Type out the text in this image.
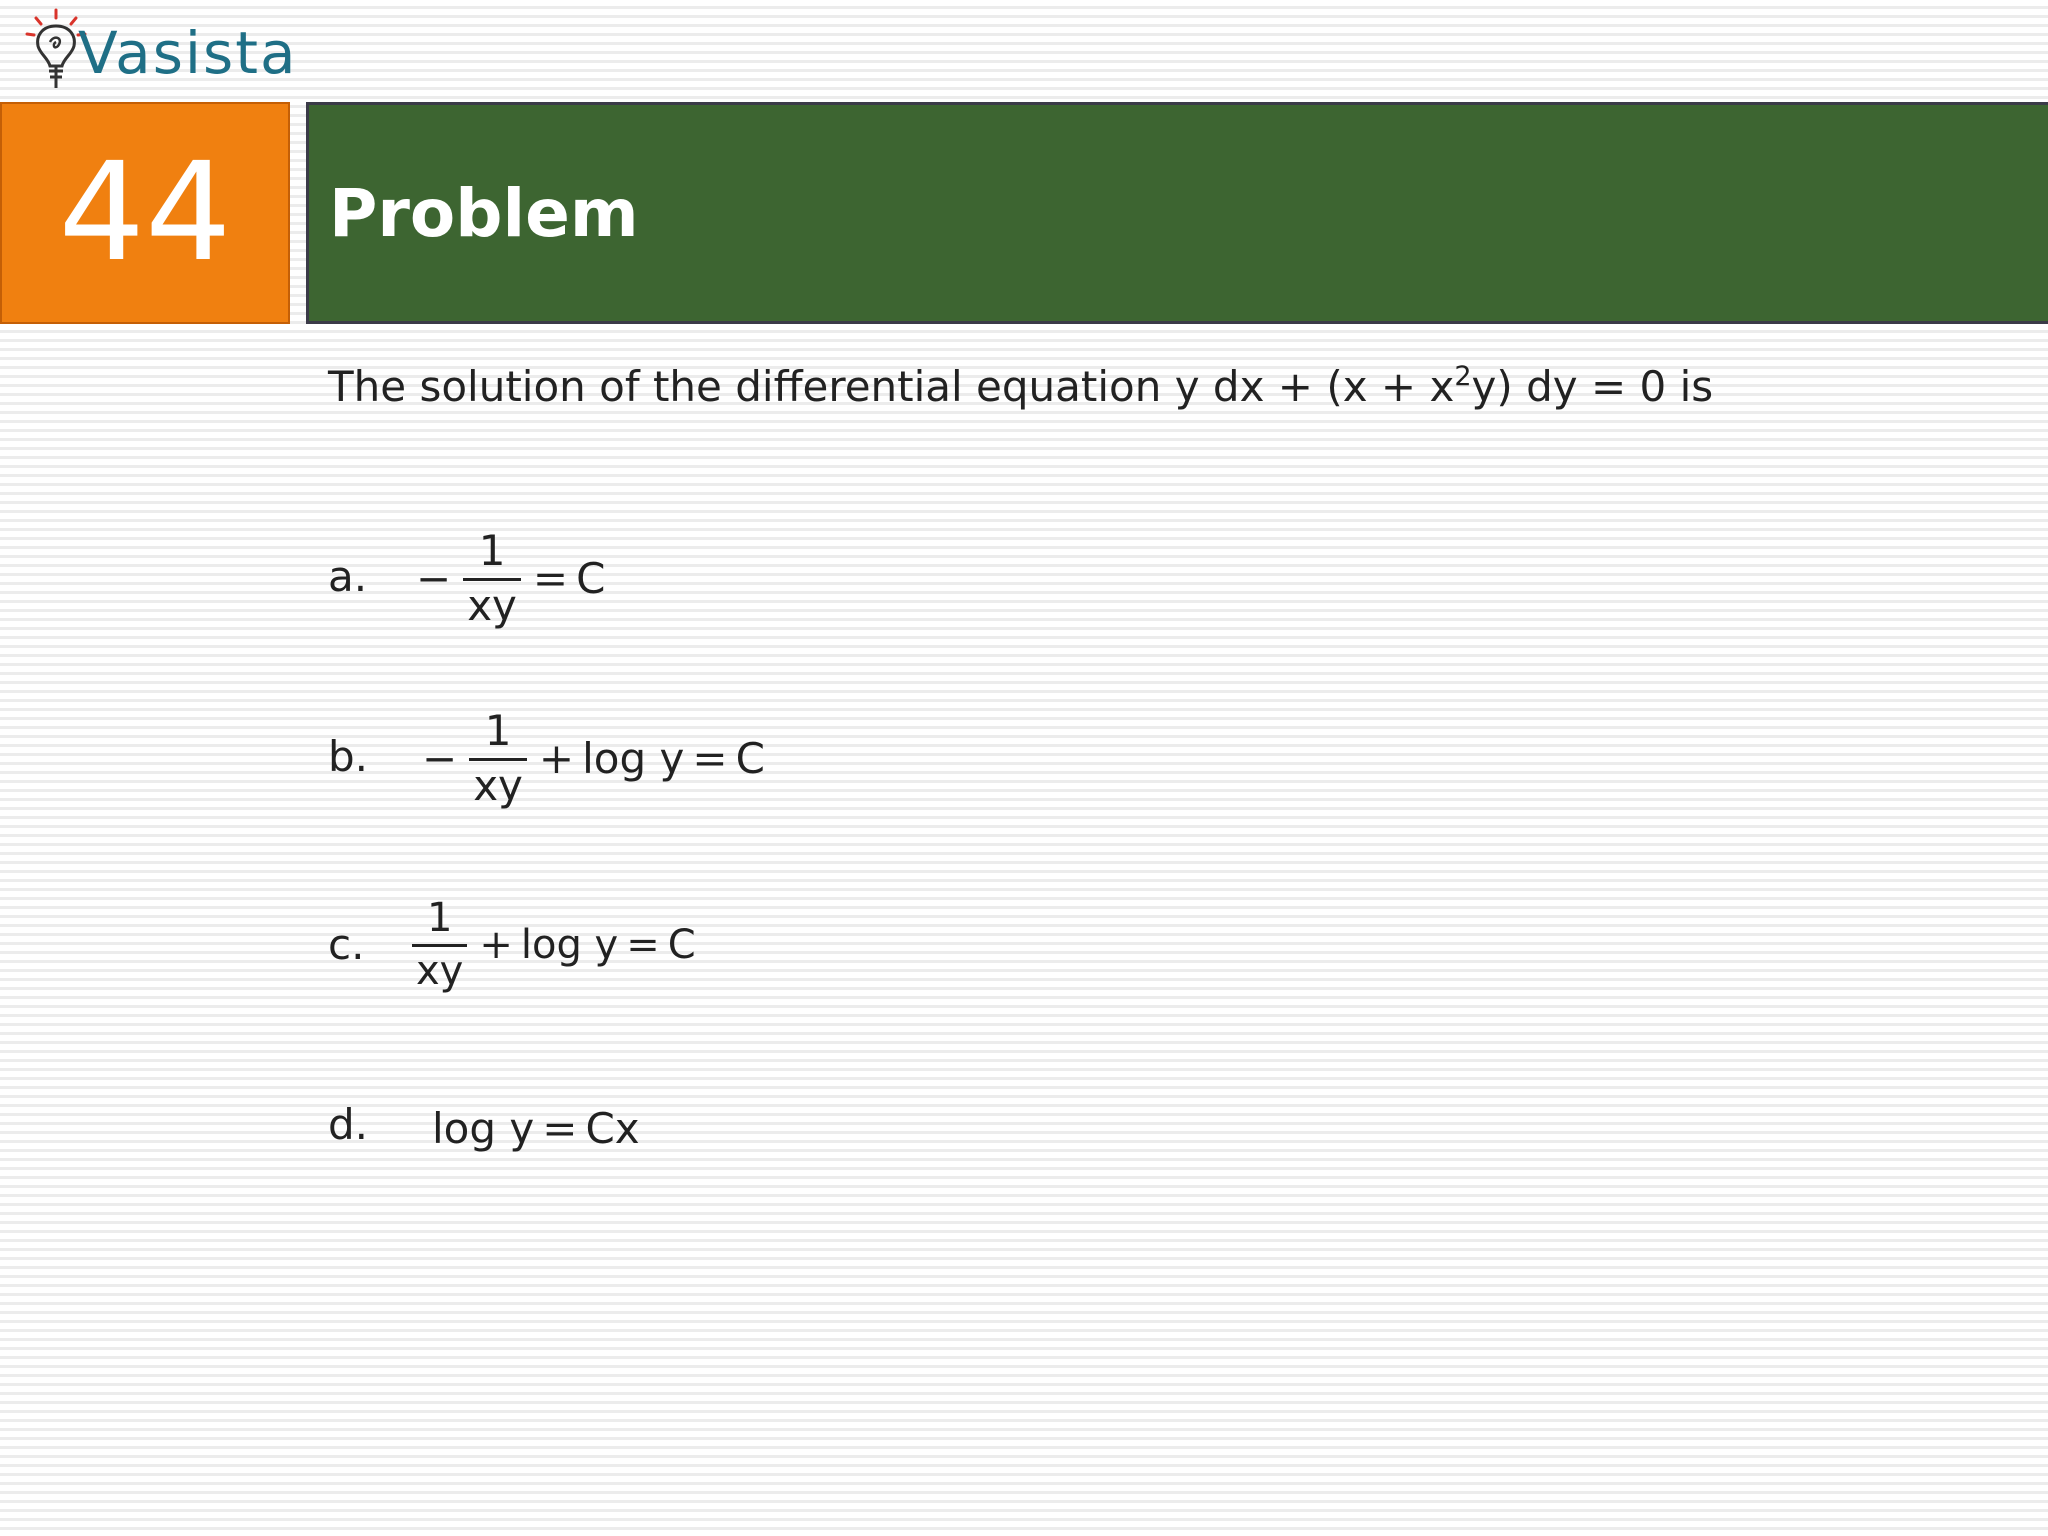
Vasista
44 Problem
The solution of the differential equation y dx + $(x + x^2y)$ dy = 0 is
a. − $\frac{1}{xy} = C$
b. − $\frac{1}{xy} + \log y = C$
c. $\frac{1}{xy} + \log y = C$
d. log y = Cx
